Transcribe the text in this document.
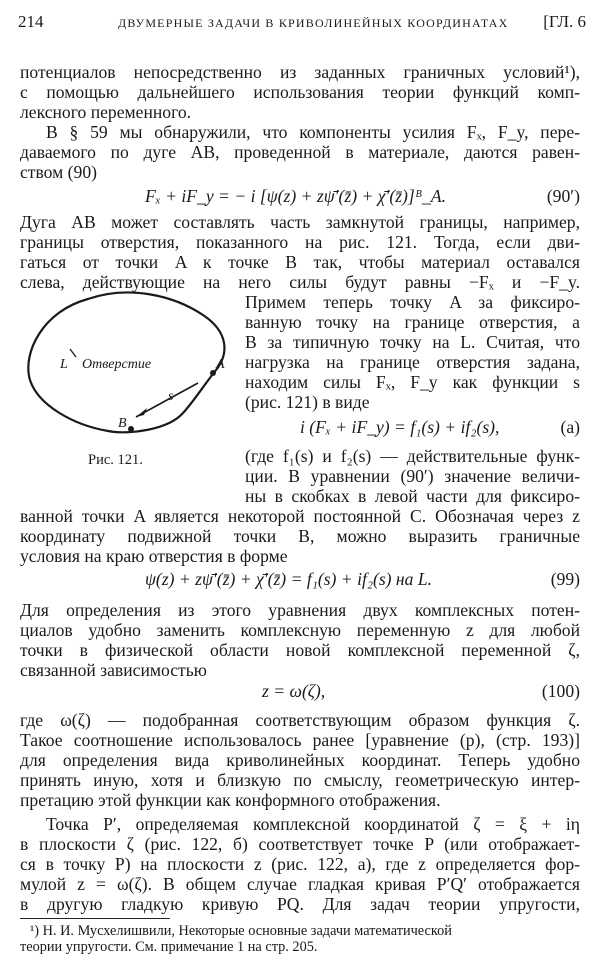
214	ДВУМЕРНЫЕ ЗАДАЧИ В КРИВОЛИНЕЙНЫХ КООРДИНАТАХ [ГЛ. 6
потенциалов непосредственно из заданных граничных условий¹),
с помощью дальнейшего использования теории функций комп-
лексного переменного.
В § 59 мы обнаружили, что компоненты усилия Fₓ, F_y, пере-
даваемого по дуге AB, проведенной в материале, даются равен-
ством (90)
Fₓ + iF_y = − i [ψ(z) + zψ̄′(z̄) + χ̄′(z̄)]ᴮ_A.	(90′)
Дуга AB может составлять часть замкнутой границы, например,
границы отверстия, показанного на рис. 121. Тогда, если дви-
гаться от точки A к точке B так, чтобы материал оставался
слева, действующие на него силы будут равны −Fₓ и −F_y.
Примем теперь точку A за фиксиро-
ванную точку на границе отверстия, а
B за типичную точку на L. Считая, что
нагрузка на границе отверстия задана,
находим силы Fₓ, F_y как функции s
(рис. 121) в виде
i (Fₓ + iF_y) = f₁(s) + if₂(s),	(a)
(где f₁(s) и f₂(s) — действительные функ-
ции. В уравнении (90′) значение величи-
ны в скобках в левой части для фиксиро-
Отверстие
L	A
B
s
Рис. 121.
ванной точки A является некоторой постоянной C. Обозначая через z
координату подвижной точки B, можно выразить граничные
условия на краю отверстия в форме
ψ(z) + zψ̄′(z̄) + χ̄′(z̄) = f₁(s) + if₂(s) на L.	(99)
Для определения из этого уравнения двух комплексных потен-
циалов удобно заменить комплексную переменную z для любой
точки в физической области новой комплексной переменной ζ,
связанной зависимостью
z = ω(ζ),	(100)
где ω(ζ) — подобранная соответствующим образом функция ζ.
Такое соотношение использовалось ранее [уравнение (p), (стр. 193)]
для определения вида криволинейных координат. Теперь удобно
принять иную, хотя и близкую по смыслу, геометрическую интер-
претацию этой функции как конформного отображения.
Точка P′, определяемая комплексной координатой ζ = ξ + iη
в плоскости ζ (рис. 122, б) соответствует точке P (или отображает-
ся в точку P) на плоскости z (рис. 122, a), где z определяется фор-
мулой z = ω(ζ). В общем случае гладкая кривая P′Q′ отображается
в другую гладкую кривую PQ. Для задач теории упругости,
¹) Н. И. Мусхелишвили, Некоторые основные задачи математической
теории упругости. См. примечание 1 на стр. 205.
